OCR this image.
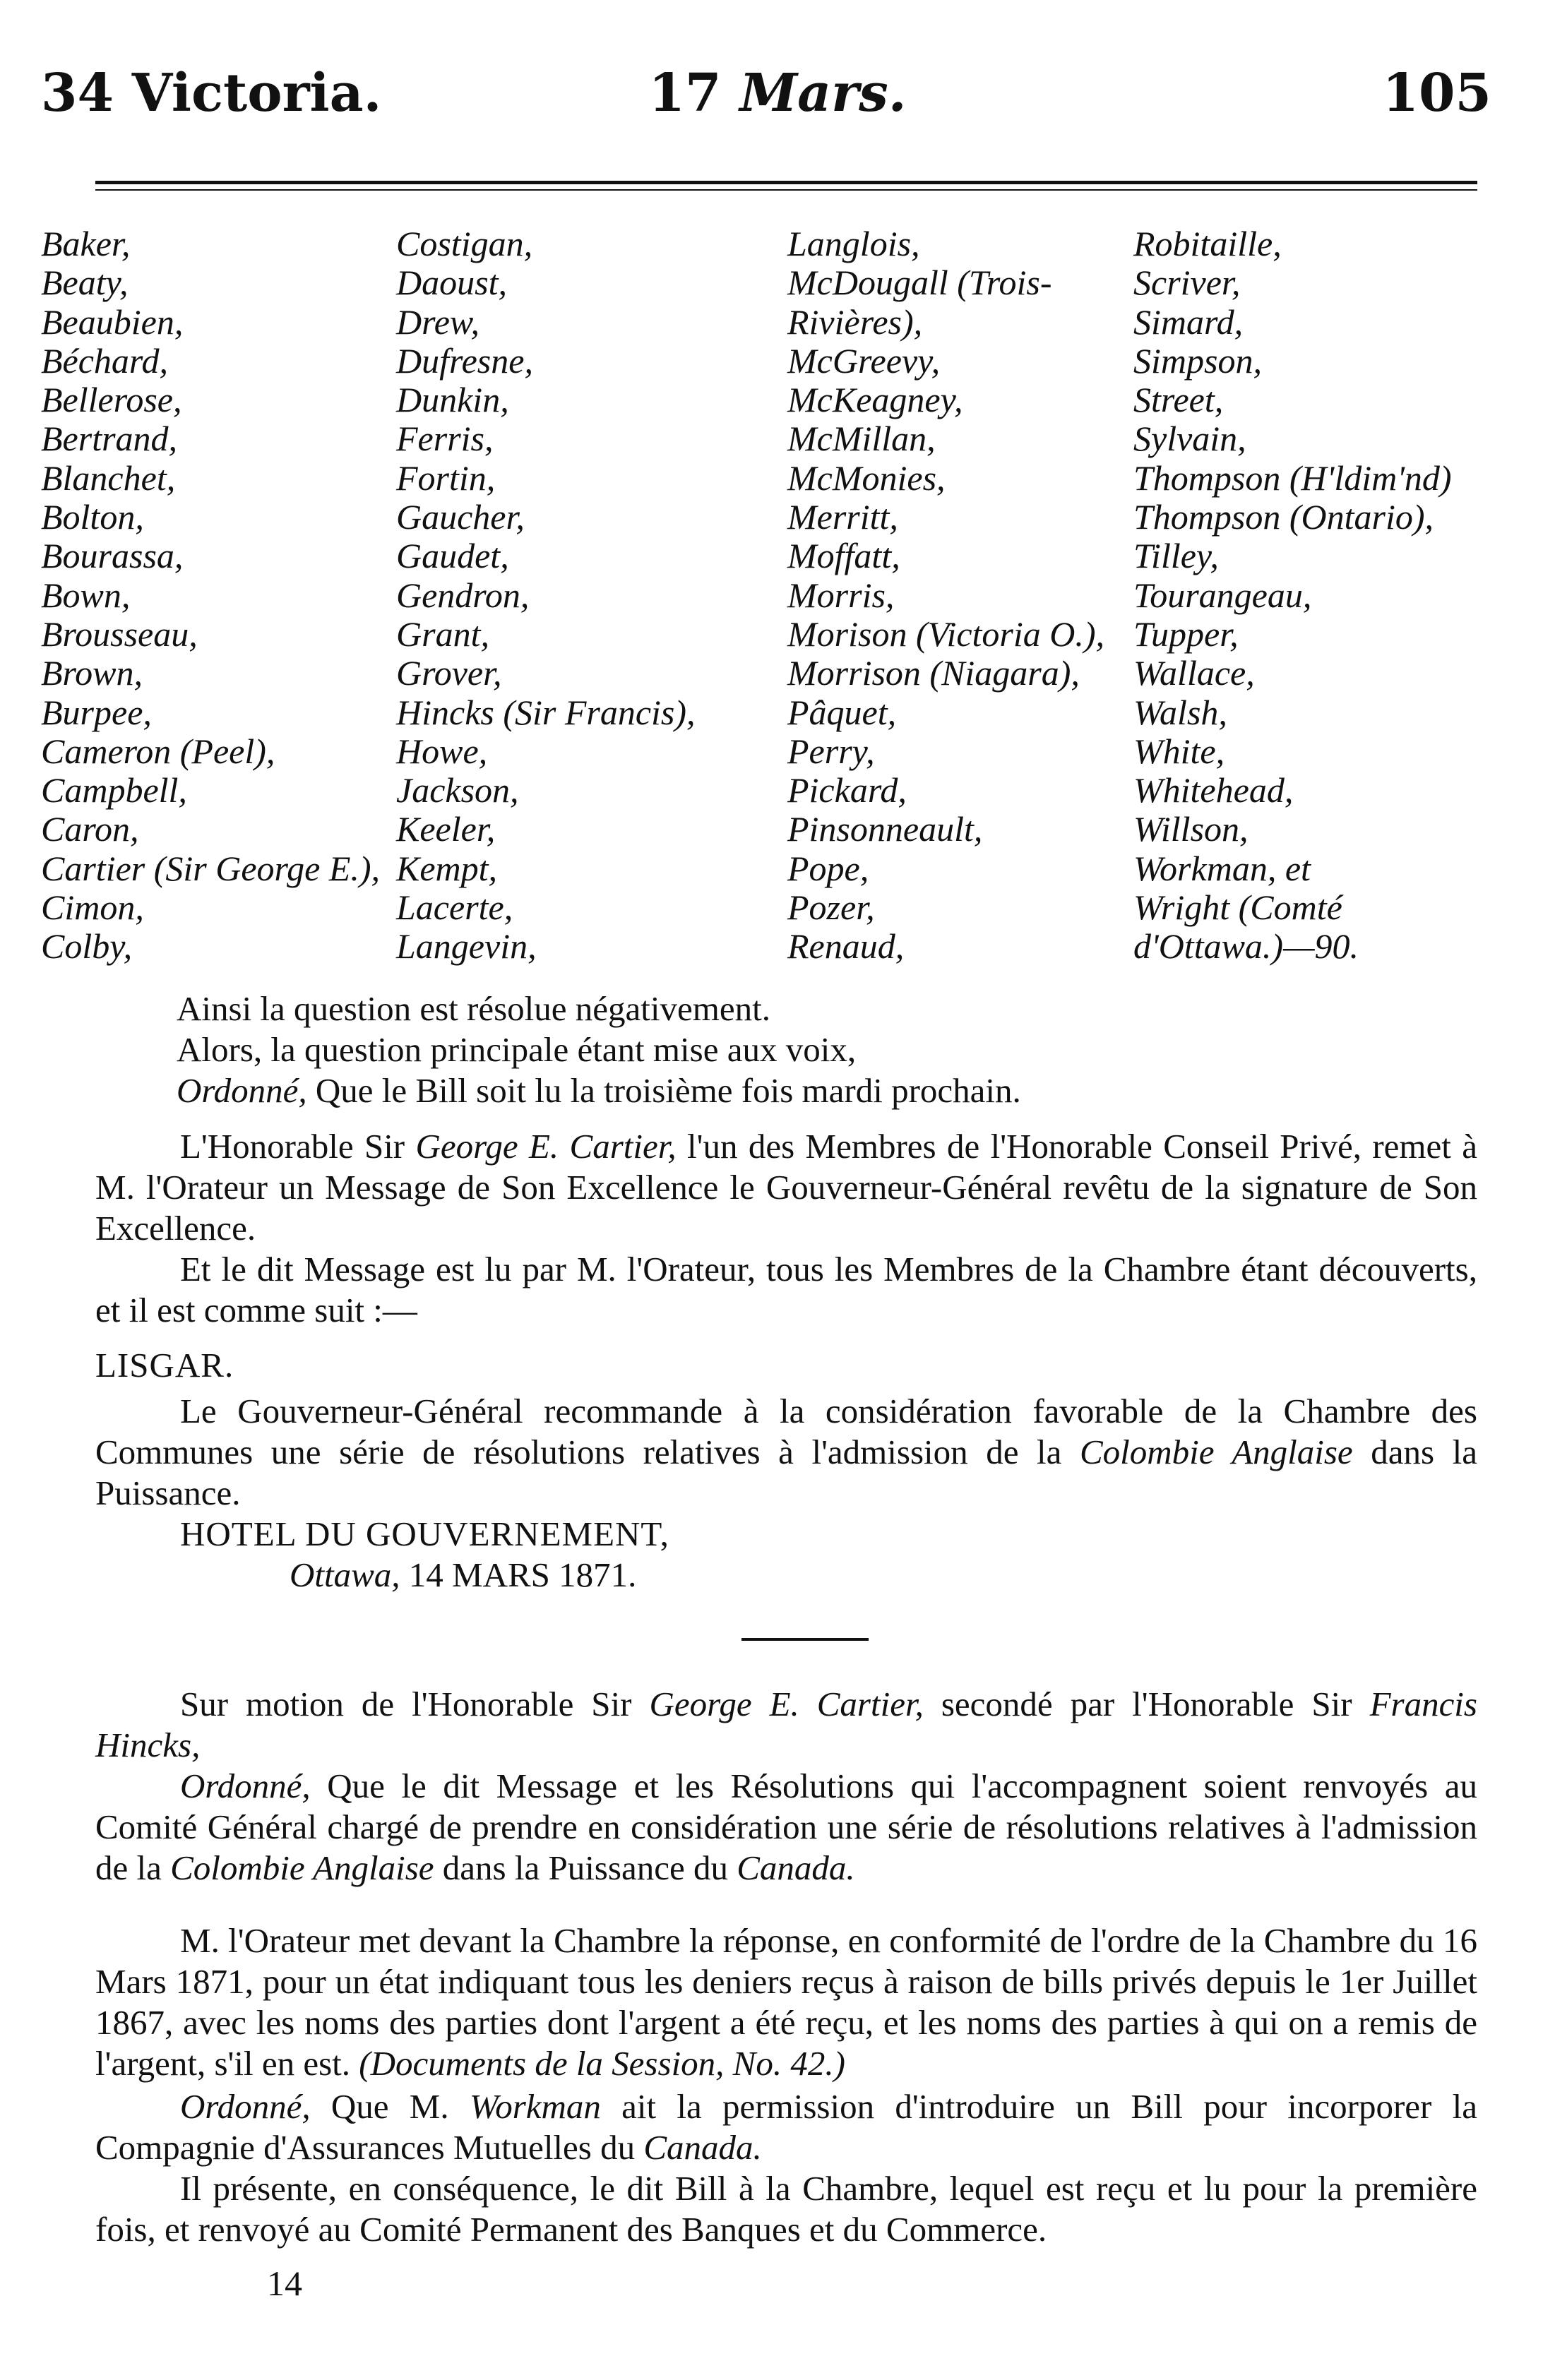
34 Victoria.	17 Mars.	105
Baker,
Beaty,
Beaubien,
Béchard,
Bellerose,
Bertrand,
Blanchet,
Bolton,
Bourassa,
Bown,
Brousseau,
Brown,
Burpee,
Cameron (Peel),
Campbell,
Caron,
Cartier (Sir George E.),
Cimon,
Colby,
Costigan,
Daoust,
Drew,
Dufresne,
Dunkin,
Ferris,
Fortin,
Gaucher,
Gaudet,
Gendron,
Grant,
Grover,
Hincks (Sir Francis),
Howe,
Jackson,
Keeler,
Kempt,
Lacerte,
Langevin,
Langlois,
McDougall (Trois-
Rivières),
McGreevy,
McKeagney,
McMillan,
McMonies,
Merritt,
Moffatt,
Morris,
Morison (Victoria O.),
Morrison (Niagara),
Pâquet,
Perry,
Pickard,
Pinsonneault,
Pope,
Pozer,
Renaud,
Robitaille,
Scriver,
Simard,
Simpson,
Street,
Sylvain,
Thompson (H'ldim'nd)
Thompson (Ontario),
Tilley,
Tourangeau,
Tupper,
Wallace,
Walsh,
White,
Whitehead,
Willson,
Workman, et
Wright (Comté
d'Ottawa.)—90.

Ainsi la question est résolue négativement.

Alors, la question principale étant mise aux voix,

Ordonné, Que le Bill soit lu la troisième fois mardi prochain.

L'Honorable Sir George E. Cartier, l'un des Membres de l'Honorable Conseil Privé, remet à M. l'Orateur un Message de Son Excellence le Gouverneur-Général revêtu de la signature de Son Excellence.

Et le dit Message est lu par M. l'Orateur, tous les Membres de la Chambre étant découverts, et il est comme suit :—

LISGAR.

Le Gouverneur-Général recommande à la considération favorable de la Chambre des Communes une série de résolutions relatives à l'admission de la Colombie Anglaise dans la Puissance.

HOTEL DU GOUVERNEMENT,

Ottawa, 14 MARS 1871.

Sur motion de l'Honorable Sir George E. Cartier, secondé par l'Honorable Sir Francis Hincks,

Ordonné, Que le dit Message et les Résolutions qui l'accompagnent soient renvoyés au Comité Général chargé de prendre en considération une série de résolutions relatives à l'admission de la Colombie Anglaise dans la Puissance du Canada.

M. l'Orateur met devant la Chambre la réponse, en conformité de l'ordre de la Chambre du 16 Mars 1871, pour un état indiquant tous les deniers reçus à raison de bills privés depuis le 1er Juillet 1867, avec les noms des parties dont l'argent a été reçu, et les noms des parties à qui on a remis de l'argent, s'il en est. (Documents de la Session, No. 42.)

Ordonné, Que M. Workman ait la permission d'introduire un Bill pour incorporer la Compagnie d'Assurances Mutuelles du Canada.

Il présente, en conséquence, le dit Bill à la Chambre, lequel est reçu et lu pour la première fois, et renvoyé au Comité Permanent des Banques et du Commerce.

14
